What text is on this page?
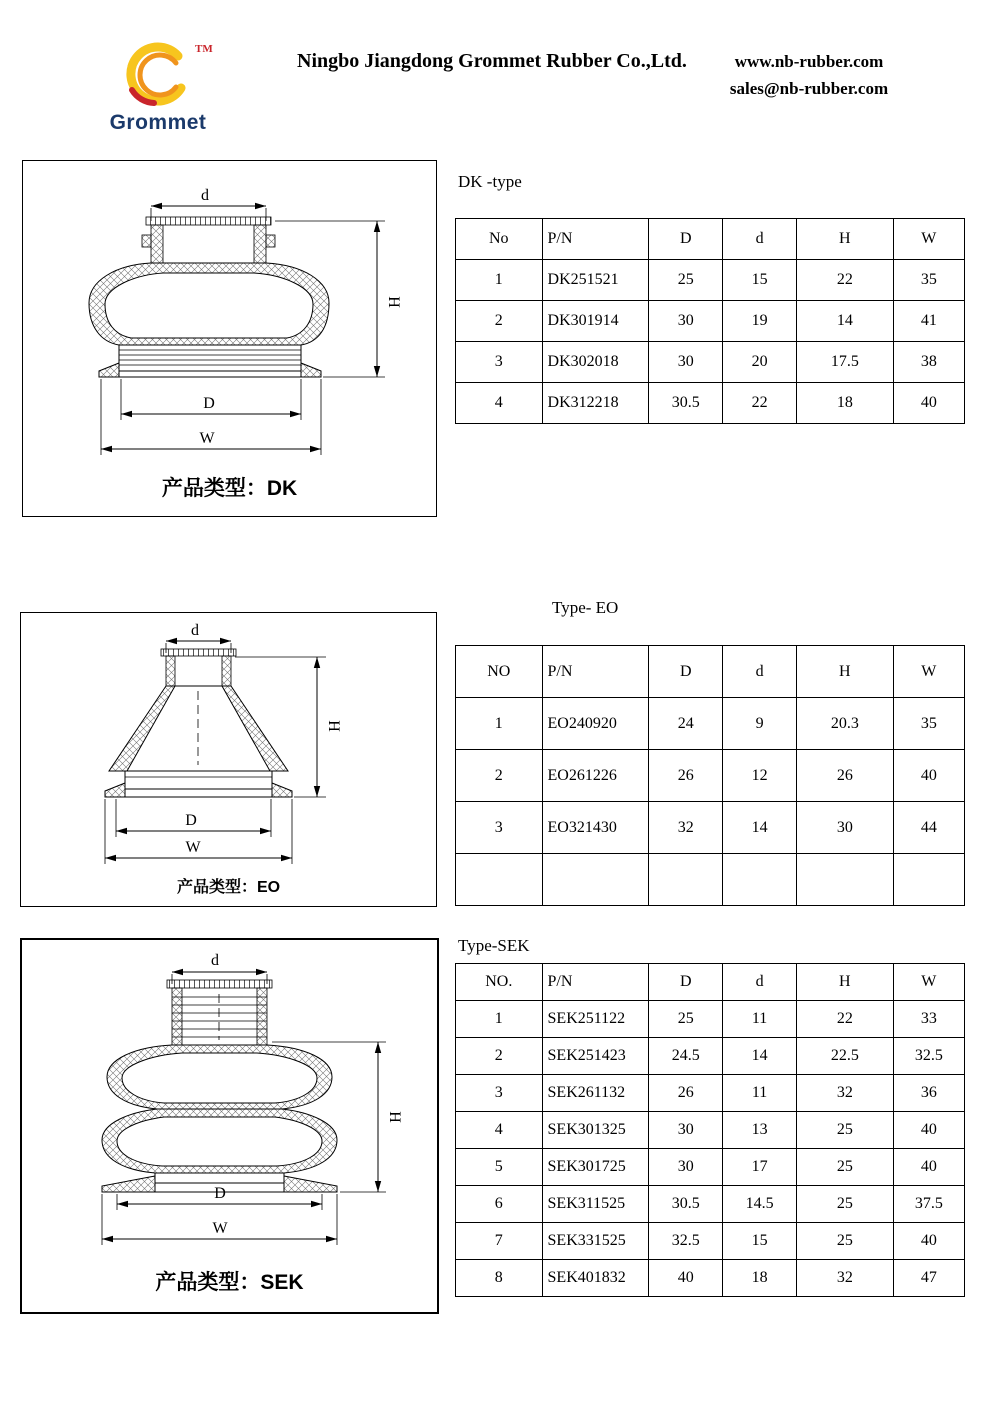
TM
Grommet
Ningbo Jiangdong Grommet Rubber Co.,Ltd.	www.nb-rubber.com
sales@nb-rubber.com
d
H
D
W
产品类型：DK
DK -type
No	P/N	D	d	H	W
1	DK251521	25	15	22	35
2	DK301914	30	19	14	41
3	DK302018	30	20	17.5	38
4	DK312218	30.5	22	18	40
d
H
D
W
产品类型：EO
Type- EO
NO	P/N	D	d	H	W
1	EO240920	24	9	20.3	35
2	EO261226	26	12	26	40
3	EO321430	32	14	30	44

d
H
D
W
产品类型：SEK
Type-SEK
NO.	P/N	D	d	H	W
1	SEK251122	25	11	22	33
2	SEK251423	24.5	14	22.5	32.5
3	SEK261132	26	11	32	36
4	SEK301325	30	13	25	40
5	SEK301725	30	17	25	40
6	SEK311525	30.5	14.5	25	37.5
7	SEK331525	32.5	15	25	40
8	SEK401832	40	18	32	47
